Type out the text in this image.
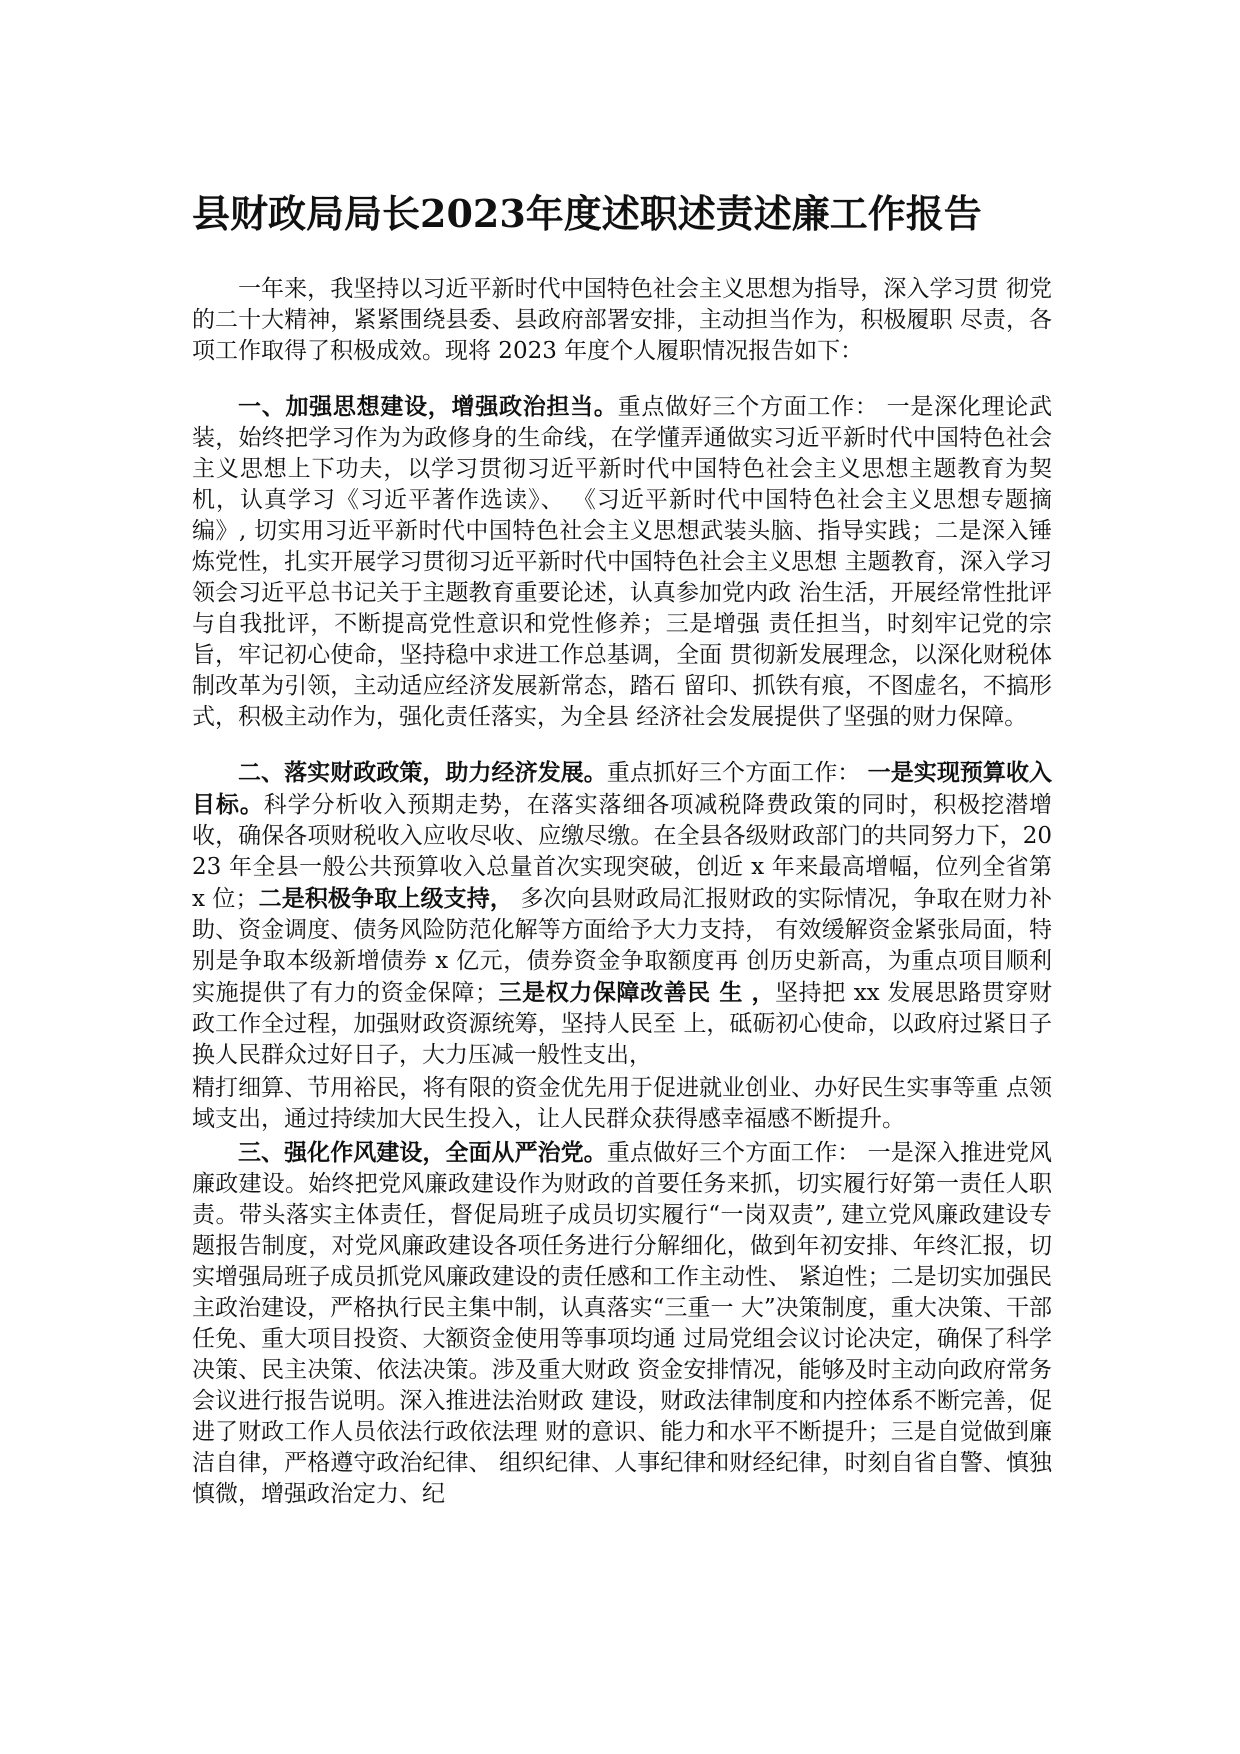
县财政局局长2023年度述职述责述廉工作报告

一年来，我坚持以习近平新时代中国特色社会主义思想为指导，深入学习贯 彻党的二十大精神，紧紧围绕县委、县政府部署安排，主动担当作为，积极履职 尽责，各项工作取得了积极成效。现将 2023 年度个人履职情况报告如下：

一、加强思想建设，增强政治担当。重点做好三个方面工作： 一是深化理论武装，始终把学习作为为政修身的生命线，在学懂弄通做实习近平新时代中国特色社会主义思想上下功夫，以学习贯彻习近平新时代中国特色社会主义思想主题教育为契机，认真学习《习近平著作选读》、 《习近平新时代中国特色社会主义思想专题摘编》, 切实用习近平新时代中国特色社会主义思想武装头脑、指导实践；二是深入锤炼党性，扎实开展学习贯彻习近平新时代中国特色社会主义思想 主题教育，深入学习领会习近平总书记关于主题教育重要论述，认真参加党内政 治生活，开展经常性批评与自我批评，不断提高党性意识和党性修养；三是增强 责任担当，时刻牢记党的宗旨，牢记初心使命，坚持稳中求进工作总基调，全面 贯彻新发展理念，以深化财税体制改革为引领，主动适应经济发展新常态，踏石 留印、抓铁有痕，不图虚名，不搞形式，积极主动作为，强化责任落实，为全县 经济社会发展提供了坚强的财力保障。

二、落实财政政策，助力经济发展。重点抓好三个方面工作： 一是实现预算收入目标。科学分析收入预期走势，在落实落细各项减税降费政策的同时，积极挖潜增收，确保各项财税收入应收尽收、应缴尽缴。在全县各级财政部门的共同努力下，2023 年全县一般公共预算收入总量首次实现突破，创近 x 年来最高增幅，位列全省第 x 位；二是积极争取上级支持， 多次向县财政局汇报财政的实际情况，争取在财力补助、资金调度、债务风险防范化解等方面给予大力支持， 有效缓解资金紧张局面，特别是争取本级新增债券 x 亿元，债券资金争取额度再 创历史新高，为重点项目顺利实施提供了有力的资金保障；三是权力保障改善民 生 ，坚持把 xx 发展思路贯穿财政工作全过程，加强财政资源统筹，坚持人民至 上，砥砺初心使命，以政府过紧日子换人民群众过好日子，大力压减一般性支出，

精打细算、节用裕民，将有限的资金优先用于促进就业创业、办好民生实事等重 点领域支出，通过持续加大民生投入，让人民群众获得感幸福感不断提升。

三、强化作风建设，全面从严治党。重点做好三个方面工作： 一是深入推进党风廉政建设。始终把党风廉政建设作为财政的首要任务来抓，切实履行好第一责任人职责。带头落实主体责任，督促局班子成员切实履行“一岗双责”, 建立党风廉政建设专题报告制度，对党风廉政建设各项任务进行分解细化，做到年初安排、年终汇报，切实增强局班子成员抓党风廉政建设的责任感和工作主动性、 紧迫性；二是切实加强民主政治建设，严格执行民主集中制，认真落实“三重一 大”决策制度，重大决策、干部任免、重大项目投资、大额资金使用等事项均通 过局党组会议讨论决定，确保了科学决策、民主决策、依法决策。涉及重大财政 资金安排情况，能够及时主动向政府常务会议进行报告说明。深入推进法治财政 建设，财政法律制度和内控体系不断完善，促进了财政工作人员依法行政依法理 财的意识、能力和水平不断提升；三是自觉做到廉洁自律，严格遵守政治纪律、 组织纪律、人事纪律和财经纪律，时刻自省自警、慎独慎微，增强政治定力、纪
